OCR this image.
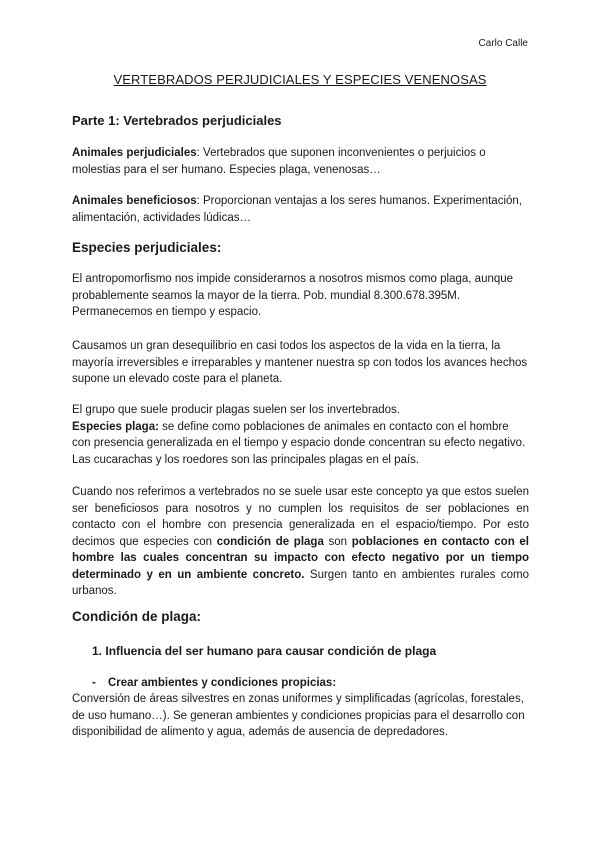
Carlo Calle
VERTEBRADOS PERJUDICIALES Y ESPECIES VENENOSAS
Parte 1: Vertebrados perjudiciales
Animales perjudiciales: Vertebrados que suponen inconvenientes o perjuicios o molestias para el ser humano. Especies plaga, venenosas…
Animales beneficiosos: Proporcionan ventajas a los seres humanos. Experimentación, alimentación, actividades lúdicas…
Especies perjudiciales:
El antropomorfismo nos impide considerarnos a nosotros mismos como plaga, aunque probablemente seamos la mayor de la tierra. Pob. mundial 8.300.678.395M. Permanecemos en tiempo y espacio.
Causamos un gran desequilibrio en casi todos los aspectos de la vida en la tierra, la mayoría irreversibles e irreparables y mantener nuestra sp con todos los avances hechos supone un elevado coste para el planeta.
El grupo que suele producir plagas suelen ser los invertebrados.
Especies plaga: se define como poblaciones de animales en contacto con el hombre con presencia generalizada en el tiempo y espacio donde concentran su efecto negativo. Las cucarachas y los roedores son las principales plagas en el país.
Cuando nos referimos a vertebrados no se suele usar este concepto ya que estos suelen ser beneficiosos para nosotros y no cumplen los requisitos de ser poblaciones en contacto con el hombre con presencia generalizada en el espacio/tiempo. Por esto decimos que especies con condición de plaga son poblaciones en contacto con el hombre las cuales concentran su impacto con efecto negativo por un tiempo determinado y en un ambiente concreto. Surgen tanto en ambientes rurales como urbanos.
Condición de plaga:
1. Influencia del ser humano para causar condición de plaga
- Crear ambientes y condiciones propicias:
Conversión de áreas silvestres en zonas uniformes y simplificadas (agrícolas, forestales, de uso humano…). Se generan ambientes y condiciones propicias para el desarrollo con disponibilidad de alimento y agua, además de ausencia de depredadores.
